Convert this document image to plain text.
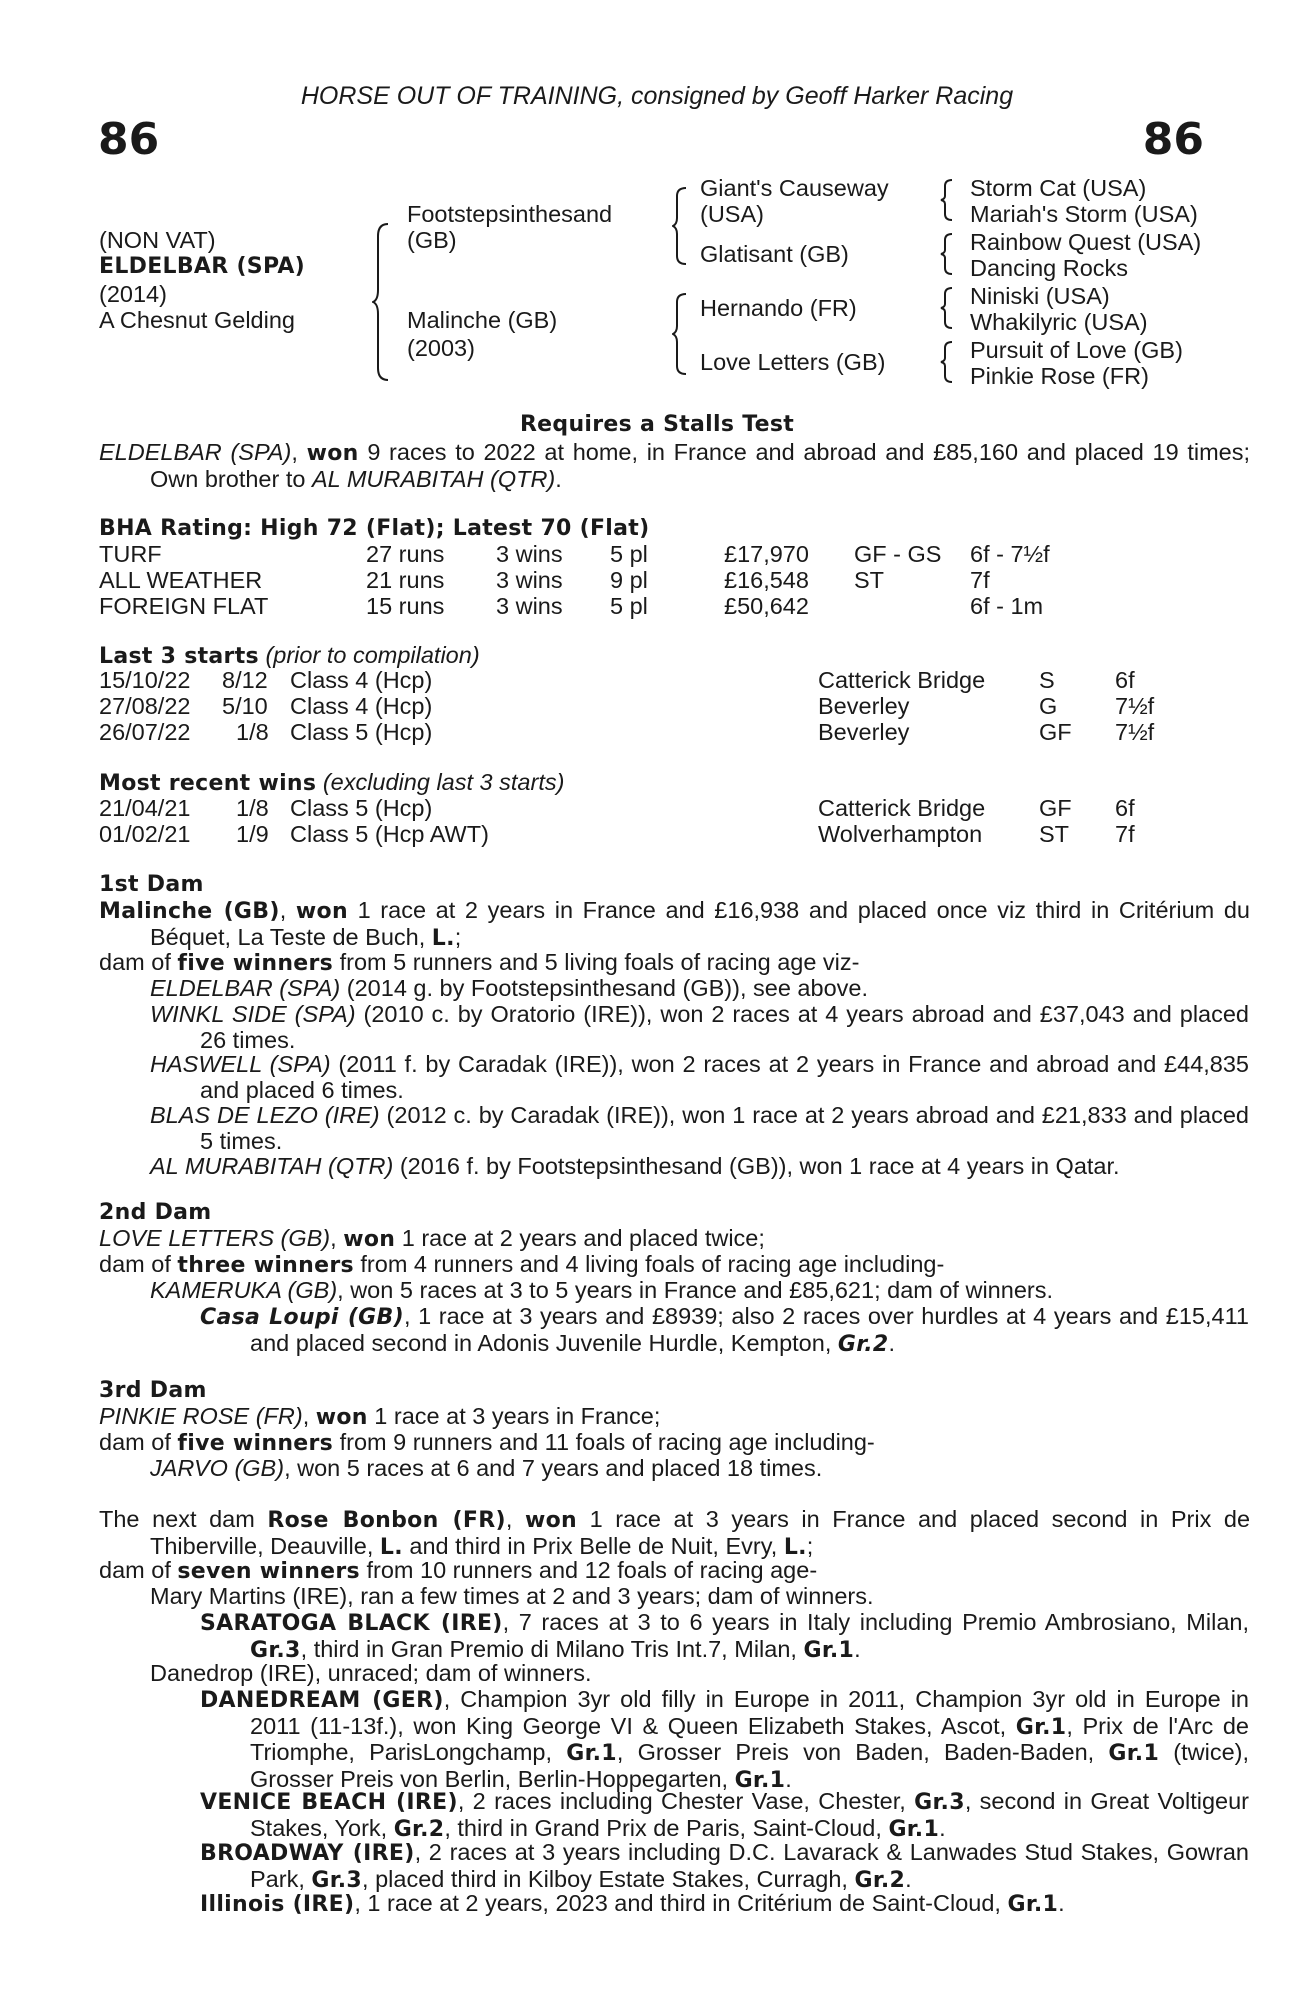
HORSE OUT OF TRAINING, consigned by Geoff Harker Racing
86	86
(NON VAT)
ELDELBAR (SPA)
(2014)
A Chesnut Gelding
Footstepsinthesand
(GB)
Malinche (GB)
(2003)
Giant's Causeway
(USA)
Glatisant (GB)
Hernando (FR)
Love Letters (GB)
Storm Cat (USA)
Mariah's Storm (USA)
Rainbow Quest (USA)
Dancing Rocks
Niniski (USA)
Whakilyric (USA)
Pursuit of Love (GB)
Pinkie Rose (FR)
Requires a Stalls Test
ELDELBAR (SPA), won 9 races to 2022 at home, in France and abroad and £85,160 and placed 19 times; Own brother to AL MURABITAH (QTR).
BHA Rating: High 72 (Flat); Latest 70 (Flat)
TURF	27 runs 3 wins 5 pl	£17,970 GF - GS 6f - 7½f
ALL WEATHER	21 runs 3 wins 9 pl	£16,548 ST	7f
FOREIGN FLAT	15 runs 3 wins 5 pl	£50,642	6f - 1m
Last 3 starts (prior to compilation)
15/10/22 8/12 Class 4 (Hcp)	Catterick Bridge S	6f
27/08/22 5/10 Class 4 (Hcp)	Beverley	G 7½f
26/07/22 1/8 Class 5 (Hcp)	Beverley	GF 7½f
Most recent wins (excluding last 3 starts)
21/04/21 1/8 Class 5 (Hcp)	Catterick Bridge GF 6f
01/02/21 1/9 Class 5 (Hcp AWT)	Wolverhampton ST 7f
1st Dam
Malinche (GB), won 1 race at 2 years in France and £16,938 and placed once viz third in Critérium du Béquet, La Teste de Buch, L.;
dam of five winners from 5 runners and 5 living foals of racing age viz-
ELDELBAR (SPA) (2014 g. by Footstepsinthesand (GB)), see above.
WINKL SIDE (SPA) (2010 c. by Oratorio (IRE)), won 2 races at 4 years abroad and £37,043 and placed 26 times.
HASWELL (SPA) (2011 f. by Caradak (IRE)), won 2 races at 2 years in France and abroad and £44,835 and placed 6 times.
BLAS DE LEZO (IRE) (2012 c. by Caradak (IRE)), won 1 race at 2 years abroad and £21,833 and placed 5 times.
AL MURABITAH (QTR) (2016 f. by Footstepsinthesand (GB)), won 1 race at 4 years in Qatar.
2nd Dam
LOVE LETTERS (GB), won 1 race at 2 years and placed twice;
dam of three winners from 4 runners and 4 living foals of racing age including-
KAMERUKA (GB), won 5 races at 3 to 5 years in France and £85,621; dam of winners.
Casa Loupi (GB), 1 race at 3 years and £8939; also 2 races over hurdles at 4 years and £15,411 and placed second in Adonis Juvenile Hurdle, Kempton, Gr.2.
3rd Dam
PINKIE ROSE (FR), won 1 race at 3 years in France;
dam of five winners from 9 runners and 11 foals of racing age including-
JARVO (GB), won 5 races at 6 and 7 years and placed 18 times.
The next dam Rose Bonbon (FR), won 1 race at 3 years in France and placed second in Prix de Thiberville, Deauville, L. and third in Prix Belle de Nuit, Evry, L.;
dam of seven winners from 10 runners and 12 foals of racing age-
Mary Martins (IRE), ran a few times at 2 and 3 years; dam of winners.
SARATOGA BLACK (IRE), 7 races at 3 to 6 years in Italy including Premio Ambrosiano, Milan, Gr.3, third in Gran Premio di Milano Tris Int.7, Milan, Gr.1.
Danedrop (IRE), unraced; dam of winners.
DANEDREAM (GER), Champion 3yr old filly in Europe in 2011, Champion 3yr old in Europe in 2011 (11-13f.), won King George VI & Queen Elizabeth Stakes, Ascot, Gr.1, Prix de l'Arc de Triomphe, ParisLongchamp, Gr.1, Grosser Preis von Baden, Baden-Baden, Gr.1 (twice), Grosser Preis von Berlin, Berlin-Hoppegarten, Gr.1.
VENICE BEACH (IRE), 2 races including Chester Vase, Chester, Gr.3, second in Great Voltigeur Stakes, York, Gr.2, third in Grand Prix de Paris, Saint-Cloud, Gr.1.
BROADWAY (IRE), 2 races at 3 years including D.C. Lavarack & Lanwades Stud Stakes, Gowran Park, Gr.3, placed third in Kilboy Estate Stakes, Curragh, Gr.2.
Illinois (IRE), 1 race at 2 years, 2023 and third in Critérium de Saint-Cloud, Gr.1.
